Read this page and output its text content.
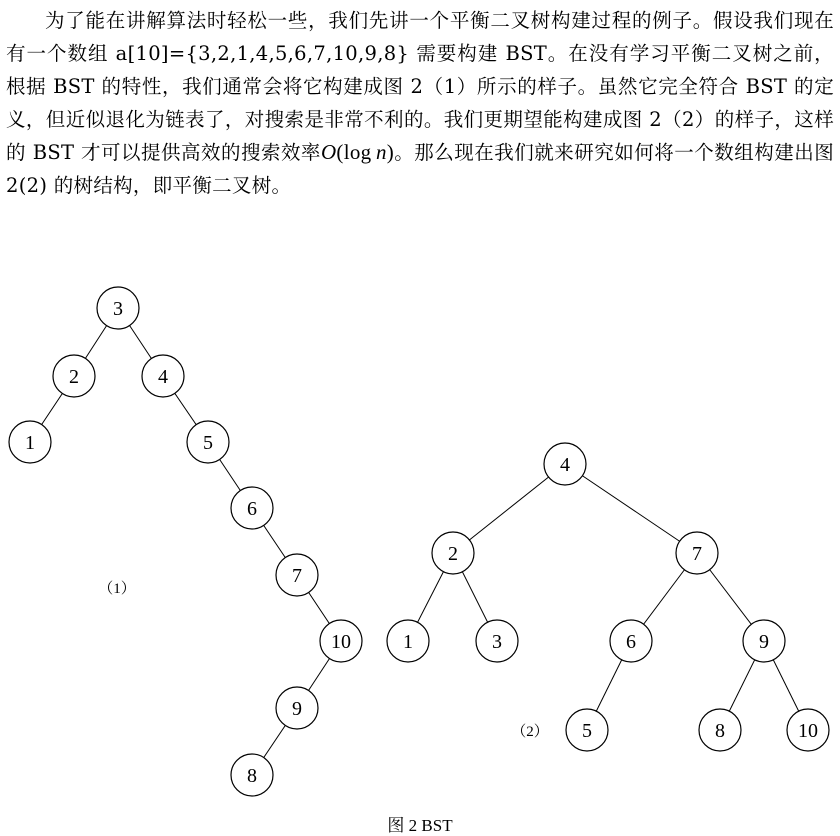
为了能在讲解算法时轻松一些，我们先讲一个平衡二叉树构建过程的例子。假设我们现在有一个数组 a[10]={3,2,1,4,5,6,7,10,9,8} 需要构建 BST。在没有学习平衡二叉树之前，根据 BST 的特性，我们通常会将它构建成图 2（1）所示的样子。虽然它完全符合 BST 的定义，但近似退化为链表了，对搜索是非常不利的。我们更期望能构建成图 2（2）的样子，这样的 BST 才可以提供高效的搜索效率O(log  n)。那么现在我们就来研究如何将一个数组构建出图 2(2) 的树结构，即平衡二叉树。

3
2	4
1	5
6
7
10
9
8
（1）
4
2	7
1	3	6	9
5	8	10
（2）
图 2 BST
